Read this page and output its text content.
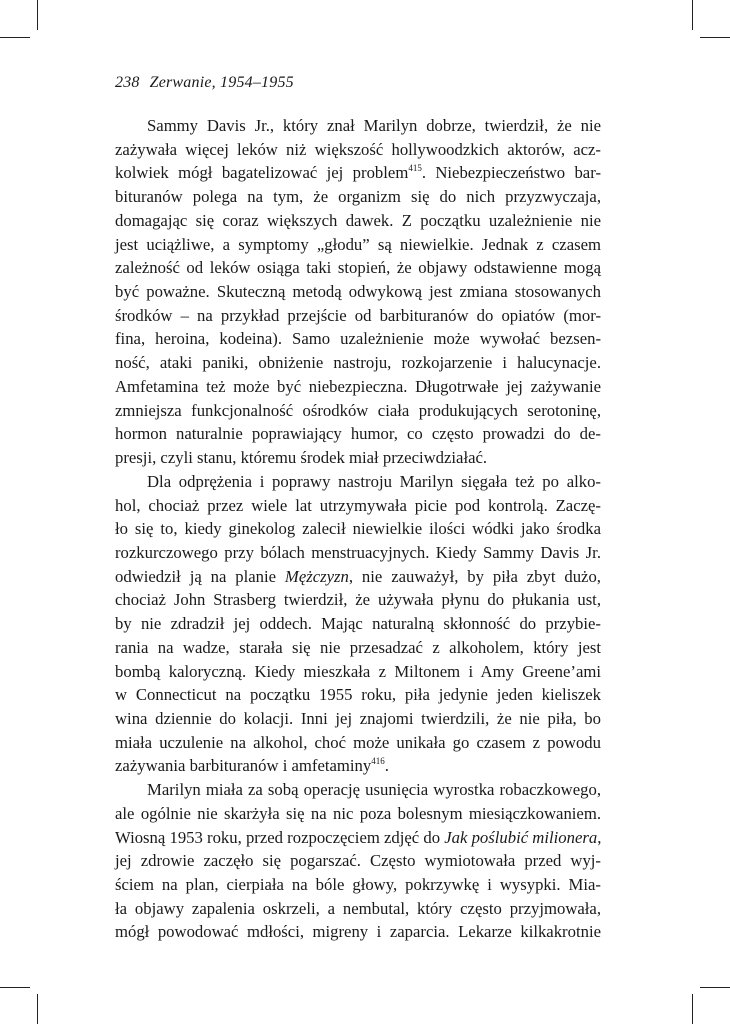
238 Zerwanie, 1954–1955
Sammy Davis Jr., który znał Marilyn dobrze, twierdził, że nie
zażywała więcej leków niż większość hollywoodzkich aktorów, acz-
kolwiek mógł bagatelizować jej problem$^{415}$. Niebezpieczeństwo bar-
bituranów polega na tym, że organizm się do nich przyzwyczaja,
domagając się coraz większych dawek. Z początku uzależnienie nie
jest uciążliwe, a symptomy „głodu” są niewielkie. Jednak z czasem
zależność od leków osiąga taki stopień, że objawy odstawienne mogą
być poważne. Skuteczną metodą odwykową jest zmiana stosowanych
środków – na przykład przejście od barbituranów do opiatów (mor-
fina, heroina, kodeina). Samo uzależnienie może wywołać bezsen-
ność, ataki paniki, obniżenie nastroju, rozkojarzenie i halucynacje.
Amfetamina też może być niebezpieczna. Długotrwałe jej zażywanie
zmniejsza funkcjonalność ośrodków ciała produkujących serotoninę,
hormon naturalnie poprawiający humor, co często prowadzi do de-
presji, czyli stanu, któremu środek miał przeciwdziałać.
Dla odprężenia i poprawy nastroju Marilyn sięgała też po alko-
hol, chociaż przez wiele lat utrzymywała picie pod kontrolą. Zaczę-
ło się to, kiedy ginekolog zalecił niewielkie ilości wódki jako środka
rozkurczowego przy bólach menstruacyjnych. Kiedy Sammy Davis Jr.
odwiedził ją na planie Mężczyzn, nie zauważył, by piła zbyt dużo,
chociaż John Strasberg twierdził, że używała płynu do płukania ust,
by nie zdradził jej oddech. Mając naturalną skłonność do przybie-
rania na wadze, starała się nie przesadzać z alkoholem, który jest
bombą kaloryczną. Kiedy mieszkała z Miltonem i Amy Greene’ami
w Connecticut na początku 1955 roku, piła jedynie jeden kieliszek
wina dziennie do kolacji. Inni jej znajomi twierdzili, że nie piła, bo
miała uczulenie na alkohol, choć może unikała go czasem z powodu
zażywania barbituranów i amfetaminy$^{416}$.
Marilyn miała za sobą operację usunięcia wyrostka robaczkowego,
ale ogólnie nie skarżyła się na nic poza bolesnym miesiączkowaniem.
Wiosną 1953 roku, przed rozpoczęciem zdjęć do Jak poślubić milionera,
jej zdrowie zaczęło się pogarszać. Często wymiotowała przed wyj-
ściem na plan, cierpiała na bóle głowy, pokrzywkę i wysypki. Mia-
ła objawy zapalenia oskrzeli, a nembutal, który często przyjmowała,
mógł powodować mdłości, migreny i zaparcia. Lekarze kilkakrotnie
